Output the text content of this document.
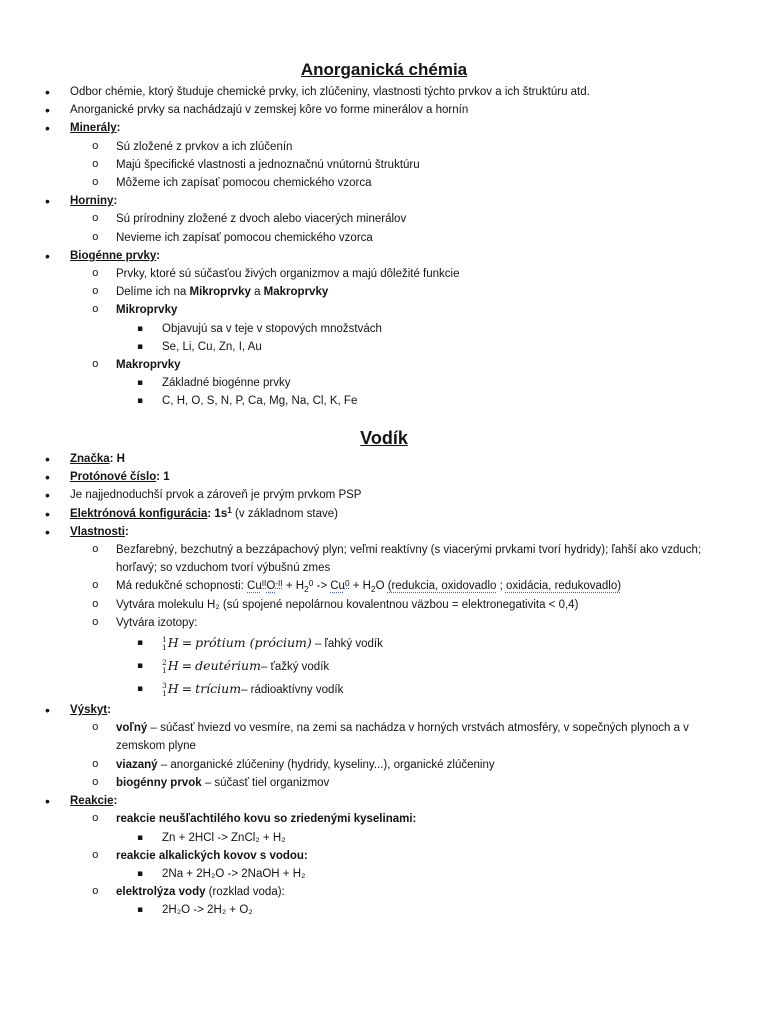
Anorganická chémia
• Odbor chémie, ktorý študuje chemické prvky, ich zlúčeniny, vlastnosti týchto prvkov a ich štruktúru atd.
• Anorganické prvky sa nachádzajú v zemskej kôre vo forme minerálov a hornín
• Minerály:
o Sú zložené z prvkov a ich zlúčenín
o Majú špecifické vlastnosti a jednoznačnú vnútornú štruktúru
o Môžeme ich zapísať pomocou chemického vzorca
• Horniny:
o Sú prírodniny zložené z dvoch alebo viacerých minerálov
o Nevieme ich zapísať pomocou chemického vzorca
• Biogénne prvky:
o Prvky, ktoré sú súčasťou živých organizmov a majú dôležité funkcie
o Delíme ich na Mikroprvky a Makroprvky
o Mikroprvky
▪ Objavujú sa v teje v stopových množstvách
▪ Se, Li, Cu, Zn, I, Au
o Makroprvky
▪ Základné biogénne prvky
▪ C, H, O, S, N, P, Ca, Mg, Na, Cl, K, Fe
Vodík
• Značka: H
• Protónové číslo: 1
• Je najjednoduchší prvok a zároveň je prvým prvkom PSP
• Elektrónová konfigurácia: $1s^1$ (v základnom stave)
• Vlastnosti:
o Bezfarebný, bezchutný a bezzápachový plyn; veľmi reaktívny (s viacerými prvkami tvorí hydridy); ľahší ako vzduch; horľavý; so vzduchom tvorí výbušnú zmes
o Má redukčné schopnosti: $Cu^{II}O^{-II} + H_2^0 -> Cu^0 + H_2O$ (redukcia, oxidovadlo ; oxidácia, redukovadlo)
o Vytvára molekulu H₂ (sú spojené nepolárnou kovalentnou väzbou = elektronegativita < 0,4)
o Vytvára izotopy:
▪	1
1 H = prótium (prócium) – ľahký vodík
▪	2
1 H = deutérium– ťažký vodík
▪	3
1 H = trícium– rádioaktívny vodík
• Výskyt:
o voľný – súčasť hviezd vo vesmíre, na zemi sa nachádza v horných vrstvách atmosféry, v sopečných plynoch a v zemskom plyne
o viazaný – anorganické zlúčeniny (hydridy, kyseliny...), organické zlúčeniny
o biogénny prvok – súčasť tiel organizmov
• Reakcie:
o reakcie neušľachtilého kovu so zriedenými kyselinami:
▪ Zn + 2HCl -> ZnCl₂ + H₂
o reakcie alkalických kovov s vodou:
▪ 2Na + 2H₂O -> 2NaOH + H₂
o elektrolýza vody (rozklad voda):
▪ 2H₂O -> 2H₂ + O₂
